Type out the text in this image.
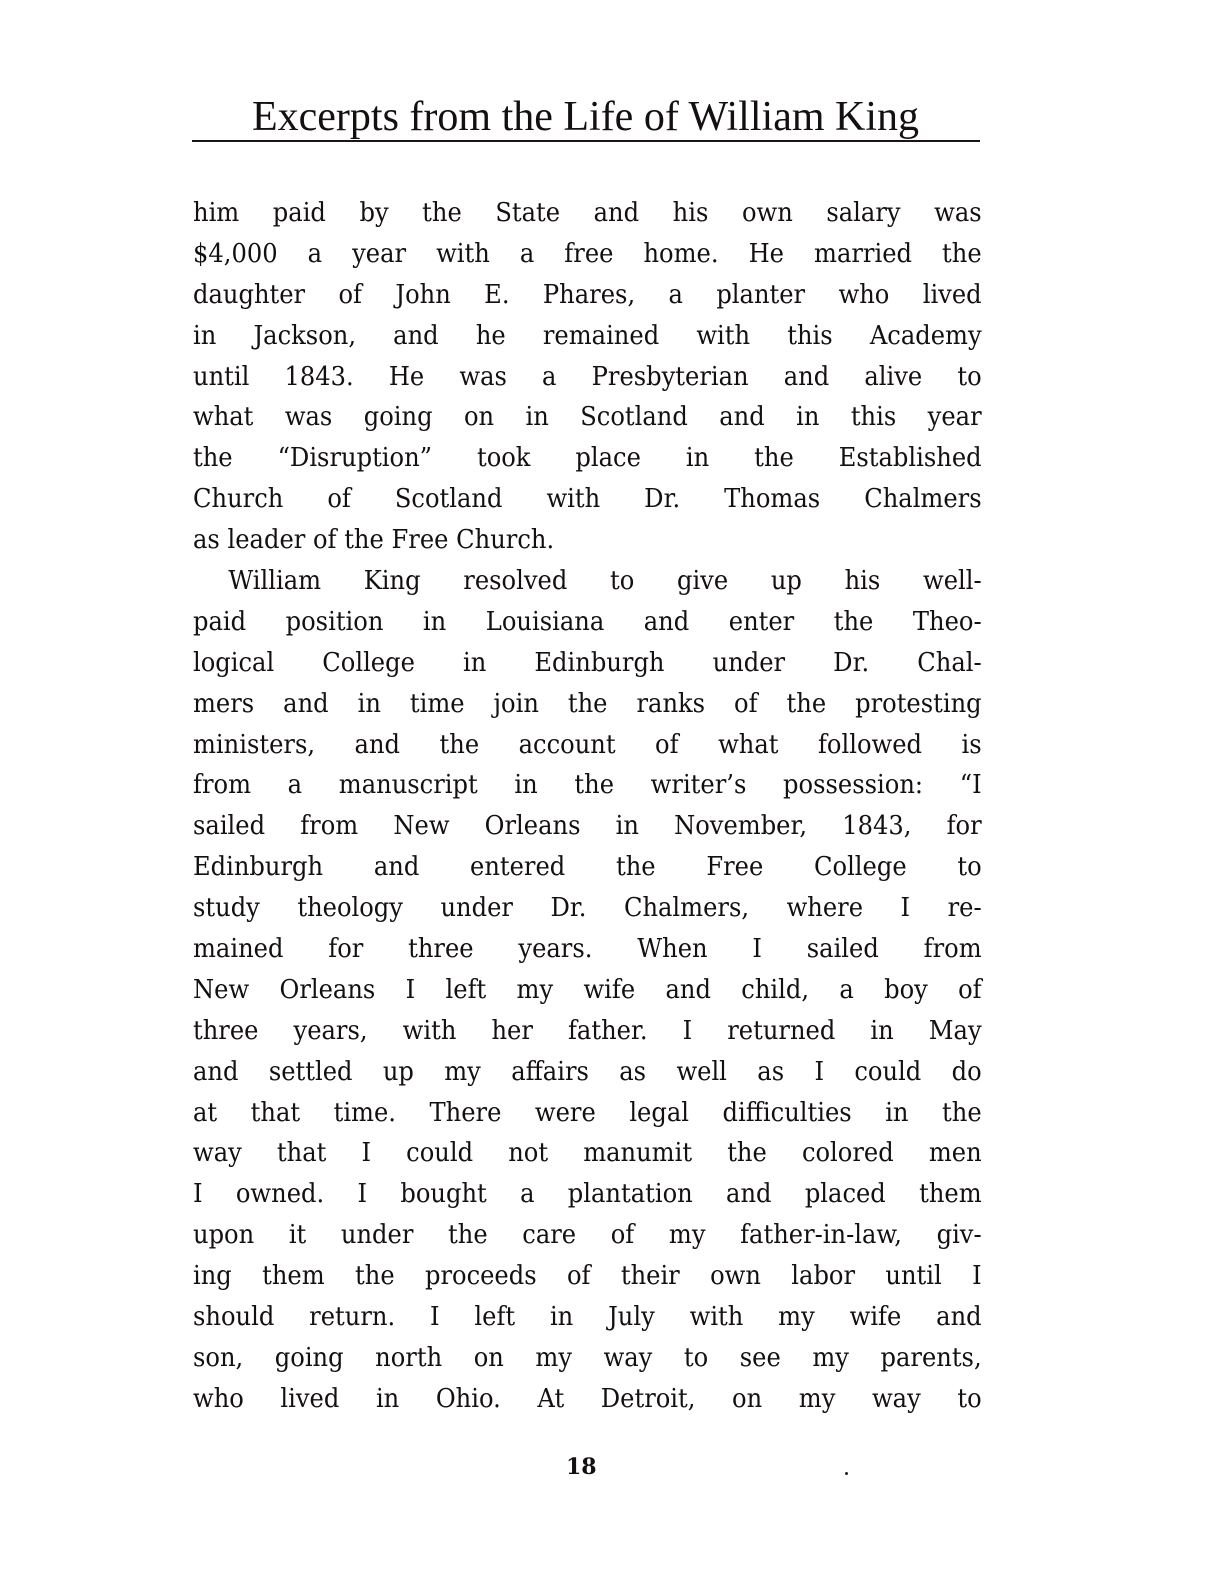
Excerpts from the Life of William King
him paid by the State and his own salary was
$4,000 a year with a free home. He married the
daughter of John E. Phares, a planter who lived
in Jackson, and he remained with this Academy
until 1843. He was a Presbyterian and alive to
what was going on in Scotland and in this year
the “Disruption” took place in the Established
Church of Scotland with Dr. Thomas Chalmers
as leader of the Free Church.
William King resolved to give up his well-
paid position in Louisiana and enter the Theo-
logical College in Edinburgh under Dr. Chal-
mers and in time join the ranks of the protesting
ministers, and the account of what followed is
from a manuscript in the writer’s possession: “I
sailed from New Orleans in November, 1843, for
Edinburgh and entered the Free College to
study theology under Dr. Chalmers, where I re-
mained for three years. When I sailed from
New Orleans I left my wife and child, a boy of
three years, with her father. I returned in May
and settled up my affairs as well as I could do
at that time. There were legal difficulties in the
way that I could not manumit the colored men
I owned. I bought a plantation and placed them
upon it under the care of my father-in-law, giv-
ing them the proceeds of their own labor until I
should return. I left in July with my wife and
son, going north on my way to see my parents,
who lived in Ohio. At Detroit, on my way to
18
